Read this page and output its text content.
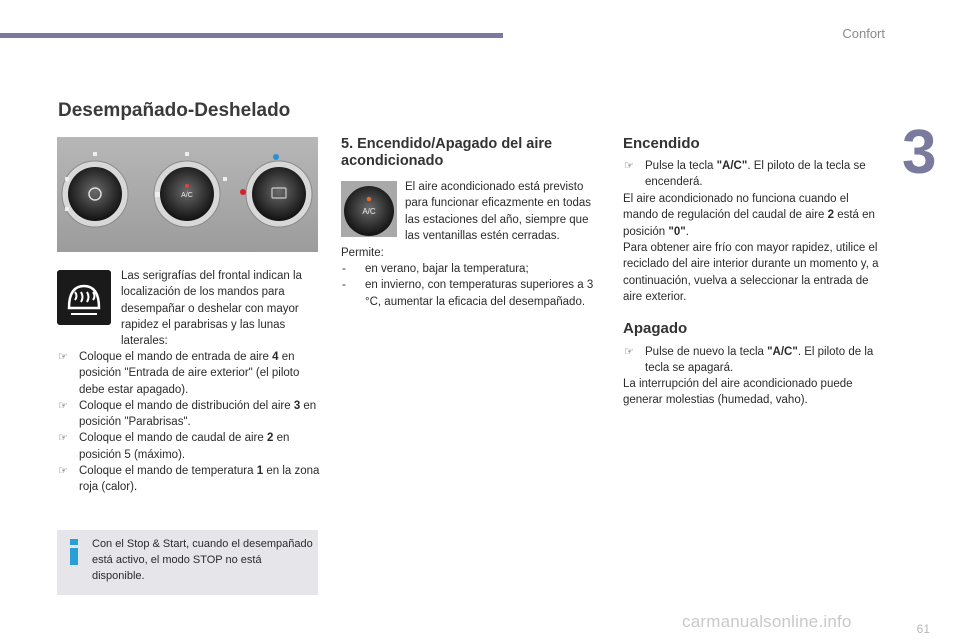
Confort
3
Desempañado-Deshelado
A/C

Las serigrafías del frontal indican la localización de los mandos para desempañar o deshelar con mayor rapidez el parabrisas y las lunas laterales:

☞ Coloque el mando de entrada de aire 4 en posición "Entrada de aire exterior" (el piloto debe estar apagado).
☞ Coloque el mando de distribución del aire 3 en posición "Parabrisas".
☞ Coloque el mando de caudal de aire 2 en posición 5 (máximo).
☞ Coloque el mando de temperatura 1 en la zona roja (calor).

Con el Stop & Start, cuando el desempañado está activo, el modo STOP no está disponible.

5. Encendido/Apagado del aire acondicionado
A/C

El aire acondicionado está previsto para funcionar eficazmente en todas las estaciones del año, siempre que las ventanillas estén cerradas.

Permite:

- en verano, bajar la temperatura;
- en invierno, con temperaturas superiores a 3 °C, aumentar la eficacia del desempañado.
Encendido
☞ Pulse la tecla "A/C". El piloto de la tecla se encenderá.

El aire acondicionado no funciona cuando el mando de regulación del caudal de aire 2 está en posición "0".

Para obtener aire frío con mayor rapidez, utilice el reciclado del aire interior durante un momento y, a continuación, vuelva a seleccionar la entrada de aire exterior.

Apagado
☞ Pulse de nuevo la tecla "A/C". El piloto de la tecla se apagará.

La interrupción del aire acondicionado puede generar molestias (humedad, vaho).

carmanualsonline.info	61
